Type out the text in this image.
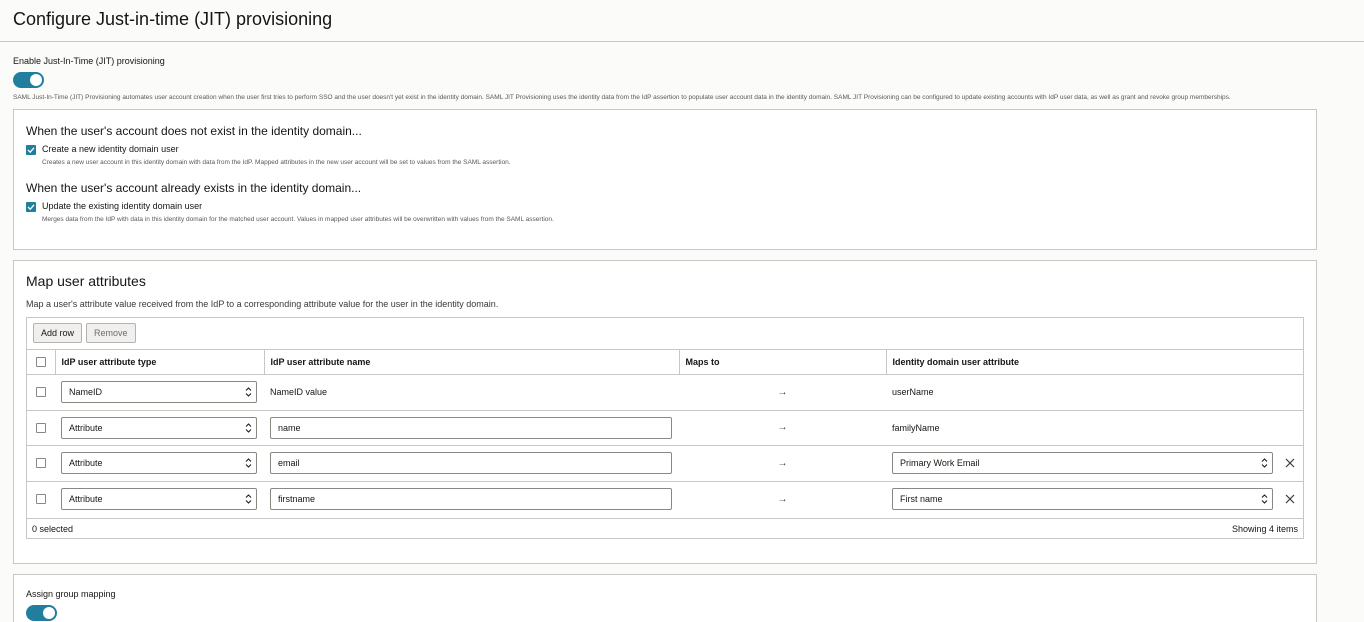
Configure Just-in-time (JIT) provisioning
Enable Just-In-Time (JIT) provisioning
SAML Just-In-Time (JIT) Provisioning automates user account creation when the user first tries to perform SSO and the user doesn't yet exist in the identity domain. SAML JIT Provisioning uses the identity data from the IdP assertion to populate user account data in the identity domain. SAML JIT Provisioning can be configured to update existing accounts with IdP user data, as well as grant and revoke group memberships.
When the user's account does not exist in the identity domain...
Create a new identity domain user
Creates a new user account in this identity domain with data from the IdP. Mapped attributes in the new user account will be set to values from the SAML assertion.
When the user's account already exists in the identity domain...
Update the existing identity domain user
Merges data from the IdP with data in this identity domain for the matched user account. Values in mapped user attributes will be overwritten with values from the SAML assertion.
Map user attributes
Map a user's attribute value received from the IdP to a corresponding attribute value for the user in the identity domain.
Add row	Remove
	IdP user attribute type	IdP user attribute name	Maps to	Identity domain user attribute

	NameID	NameID value	→	userName

	Attribute	name	→	familyName

	Attribute	email	→	Primary Work Email

	Attribute	firstname	→	First name
0 selected	Showing 4 items
Assign group mapping
